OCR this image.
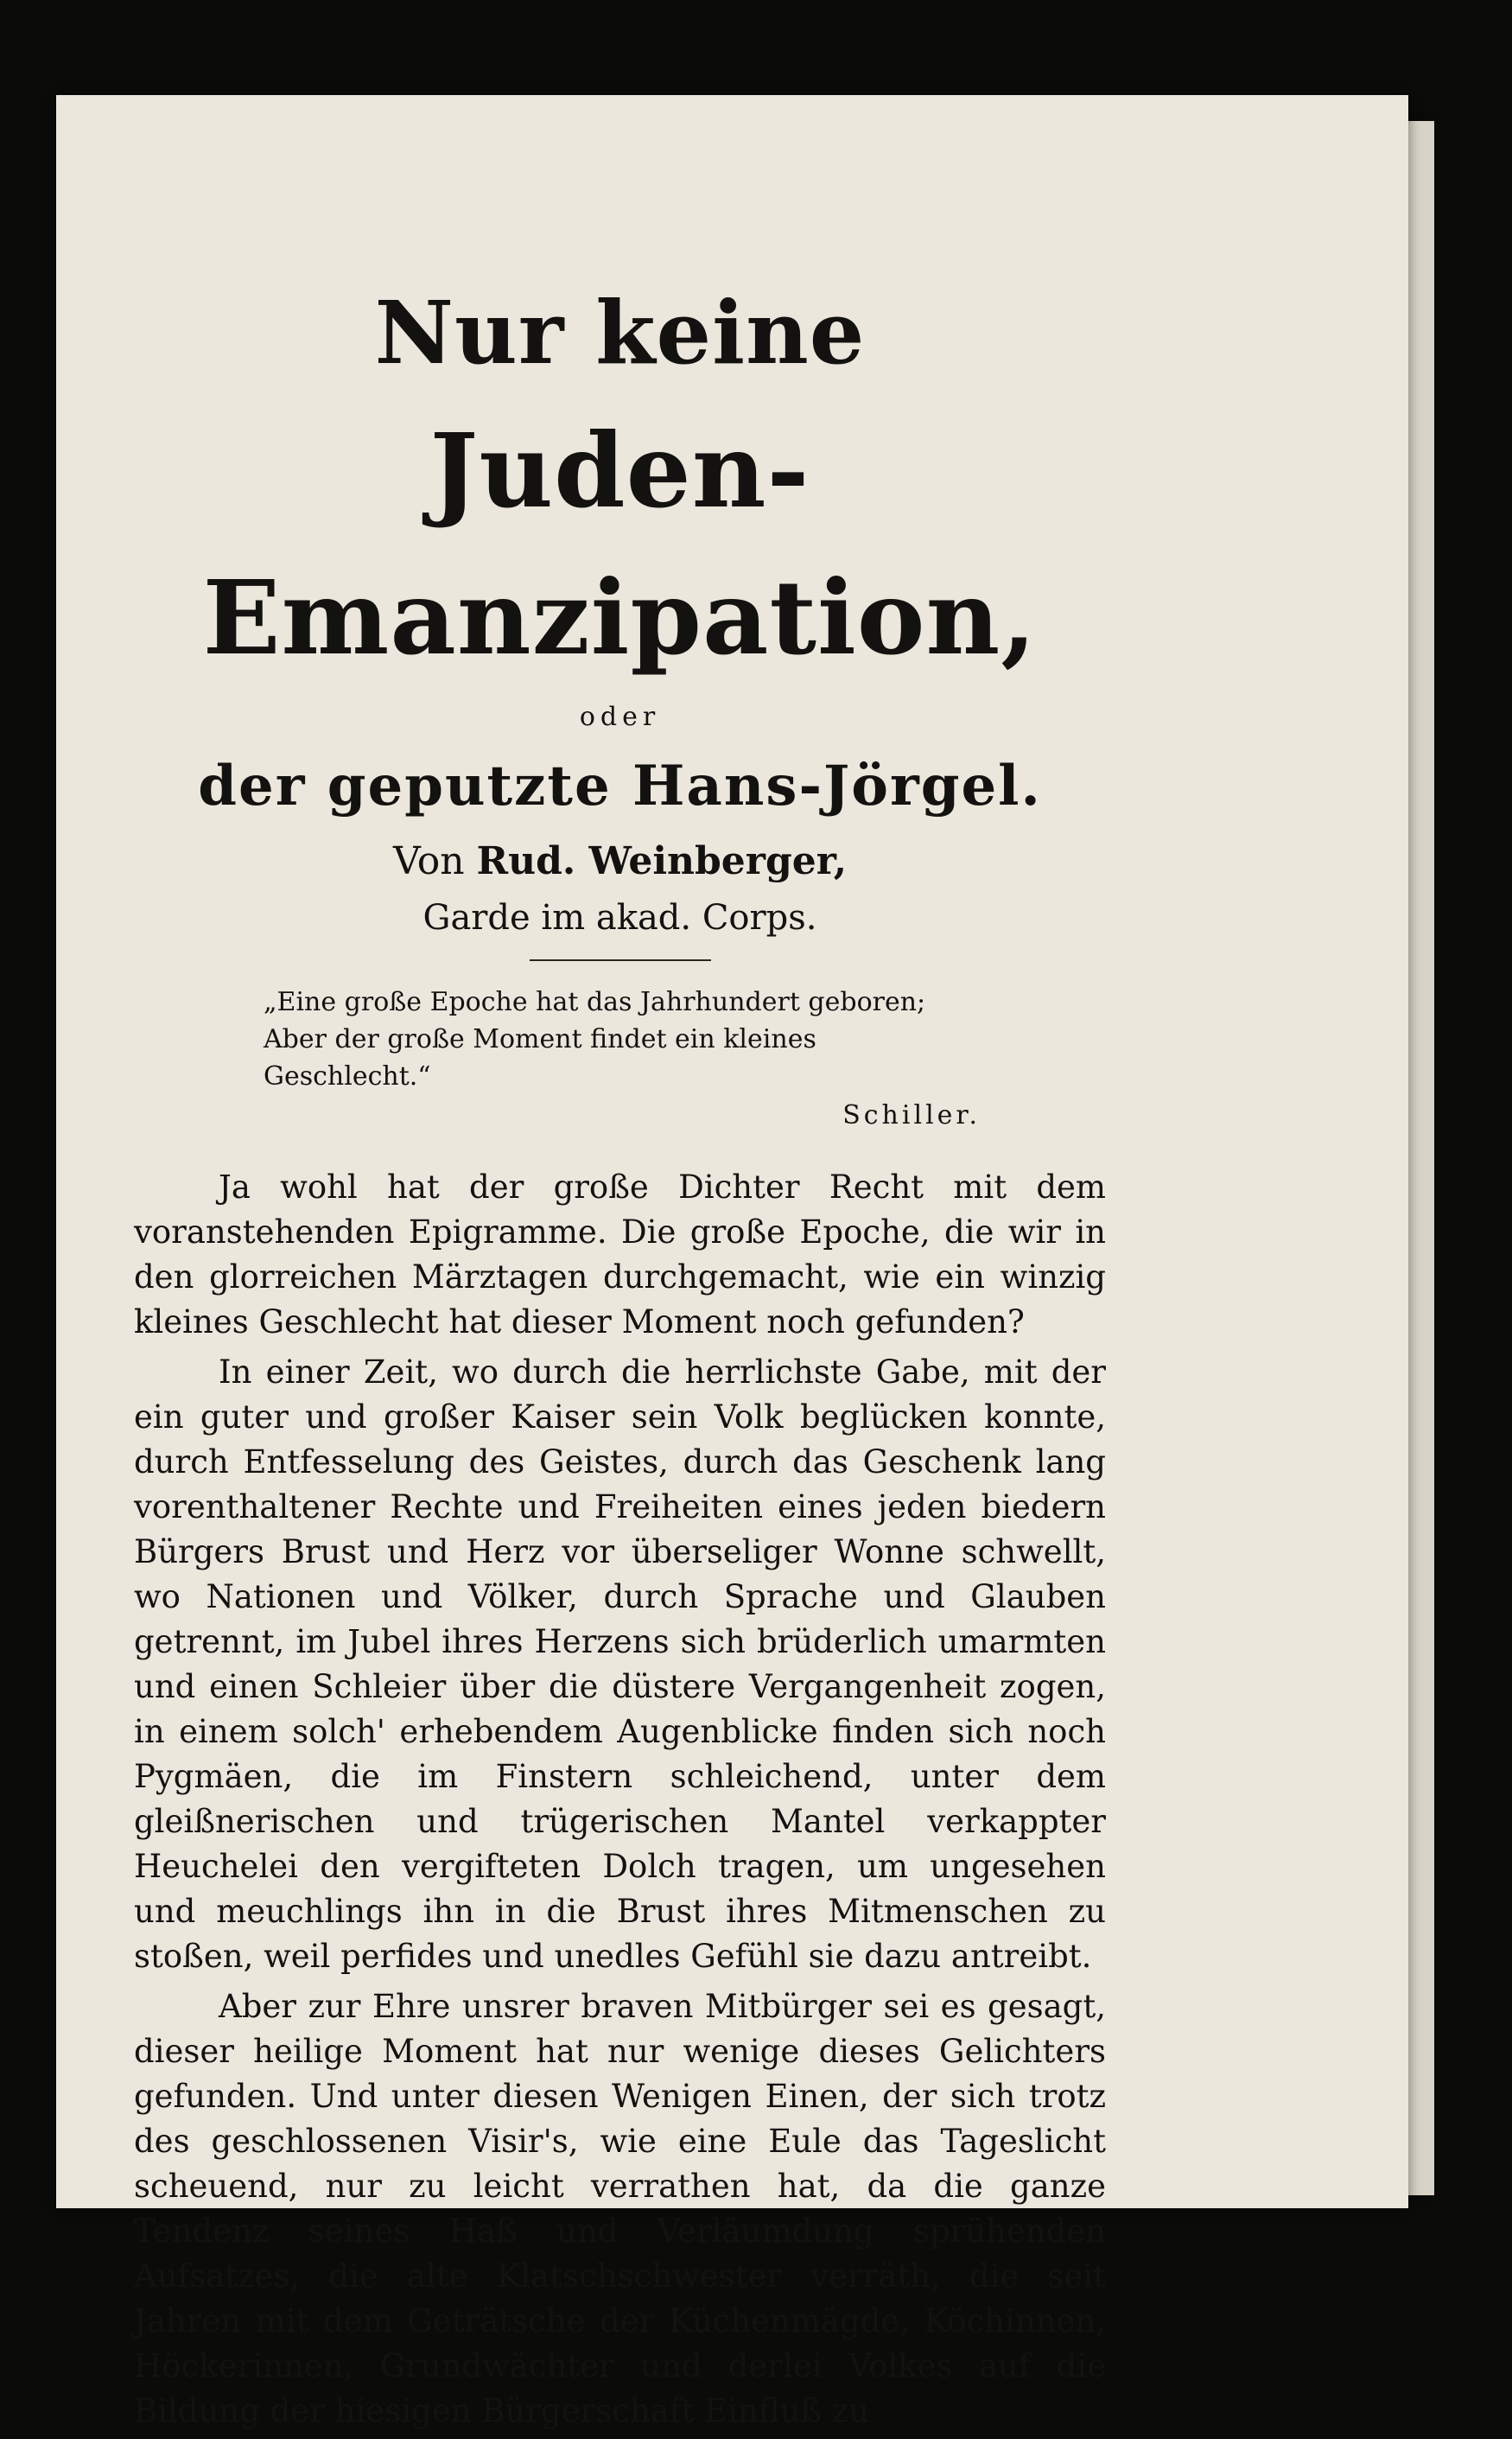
Nur keine
Juden-Emanzipation,

oder

der geputzte Hans-Jörgel.

Von Rud. Weinberger,

Garde im akad. Corps.

„Eine große Epoche hat das Jahrhundert geboren;

Aber der große Moment findet ein kleines Geschlecht.“

Schiller.

Ja wohl hat der große Dichter Recht mit dem voranstehenden Epigramme. Die große Epoche, die wir in den glorreichen Märztagen durchgemacht, wie ein winzig kleines Geschlecht hat dieser Moment noch gefunden?

In einer Zeit, wo durch die herrlichste Gabe, mit der ein guter und großer Kaiser sein Volk beglücken konnte, durch Entfesselung des Geistes, durch das Geschenk lang vorenthaltener Rechte und Freiheiten eines jeden biedern Bürgers Brust und Herz vor überseliger Wonne schwellt, wo Nationen und Völker, durch Sprache und Glauben getrennt, im Jubel ihres Herzens sich brüderlich umarmten und einen Schleier über die düstere Vergangenheit zogen, in einem solch' erhebendem Augenblicke finden sich noch Pygmäen, die im Finstern schleichend, unter dem gleißnerischen und trügerischen Mantel verkappter Heuchelei den vergifteten Dolch tragen, um ungesehen und meuchlings ihn in die Brust ihres Mitmenschen zu stoßen, weil perfides und unedles Gefühl sie dazu antreibt.

Aber zur Ehre unsrer braven Mitbürger sei es gesagt, dieser heilige Moment hat nur wenige dieses Gelichters gefunden. Und unter diesen Wenigen Einen, der sich trotz des geschlossenen Visir's, wie eine Eule das Tageslicht scheuend, nur zu leicht verrathen hat, da die ganze Tendenz seines Haß und Verläumdung sprühenden Aufsatzes, die alte Klatschschwester verräth, die seit Jahren mit dem Geträtsche der Küchenmägde, Köchinnen, Höckerinnen, Grundwächter und derlei Volkes auf die Bildung der hiesigen Bürgerschaft Einfluß zu
